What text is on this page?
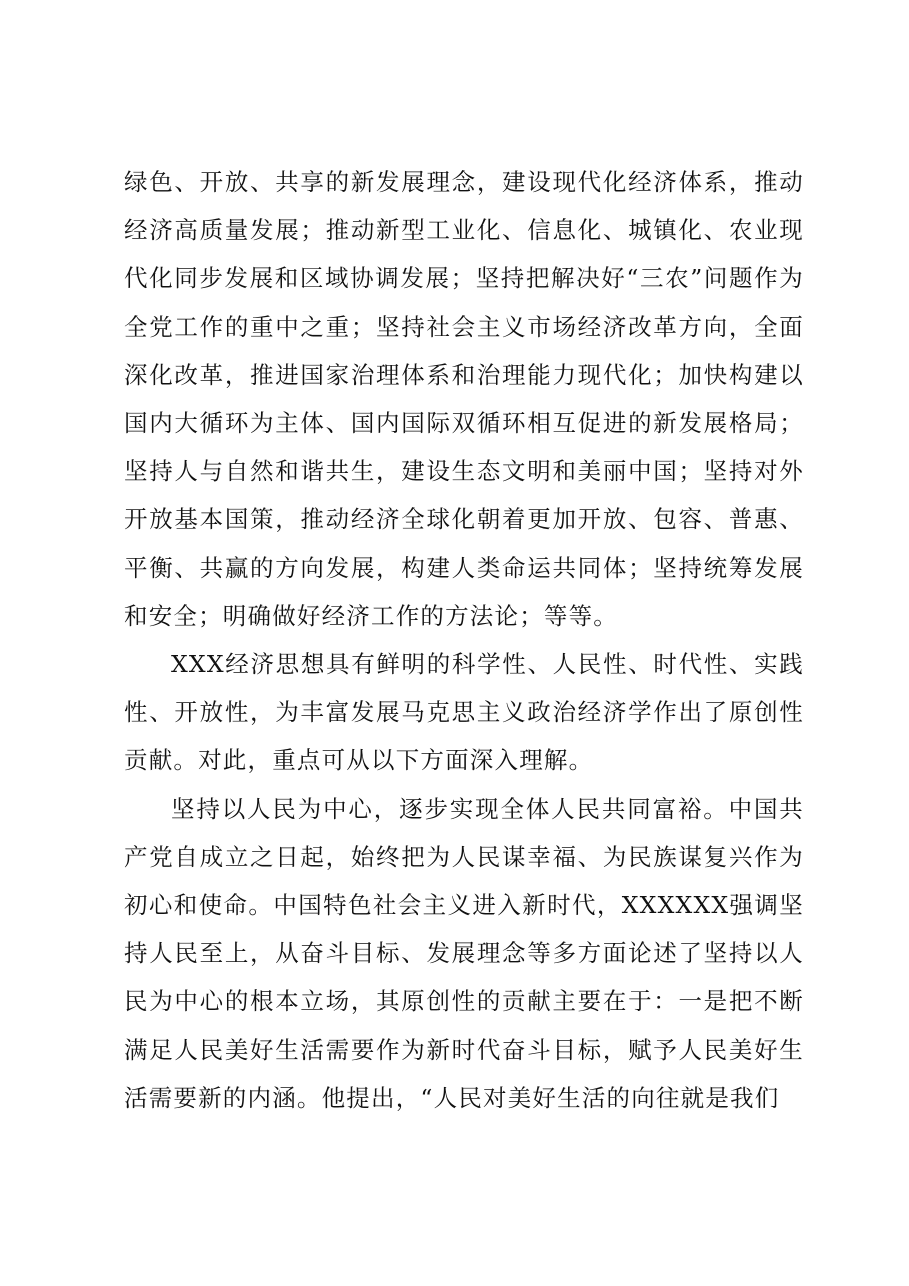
绿色、开放、共享的新发展理念，建设现代化经济体系，推动经济高质量发展；推动新型工业化、信息化、城镇化、农业现代化同步发展和区域协调发展；坚持把解决好“三农”问题作为全党工作的重中之重；坚持社会主义市场经济改革方向，全面深化改革，推进国家治理体系和治理能力现代化；加快构建以国内大循环为主体、国内国际双循环相互促进的新发展格局；坚持人与自然和谐共生，建设生态文明和美丽中国；坚持对外开放基本国策，推动经济全球化朝着更加开放、包容、普惠、平衡、共赢的方向发展，构建人类命运共同体；坚持统筹发展和安全；明确做好经济工作的方法论；等等。

XXX经济思想具有鲜明的科学性、人民性、时代性、实践性、开放性，为丰富发展马克思主义政治经济学作出了原创性贡献。对此，重点可从以下方面深入理解。

坚持以人民为中心，逐步实现全体人民共同富裕。中国共产党自成立之日起，始终把为人民谋幸福、为民族谋复兴作为初心和使命。中国特色社会主义进入新时代，XXXXXX强调坚持人民至上，从奋斗目标、发展理念等多方面论述了坚持以人民为中心的根本立场，其原创性的贡献主要在于：一是把不断满足人民美好生活需要作为新时代奋斗目标，赋予人民美好生活需要新的内涵。他提出，“人民对美好生活的向往就是我们
